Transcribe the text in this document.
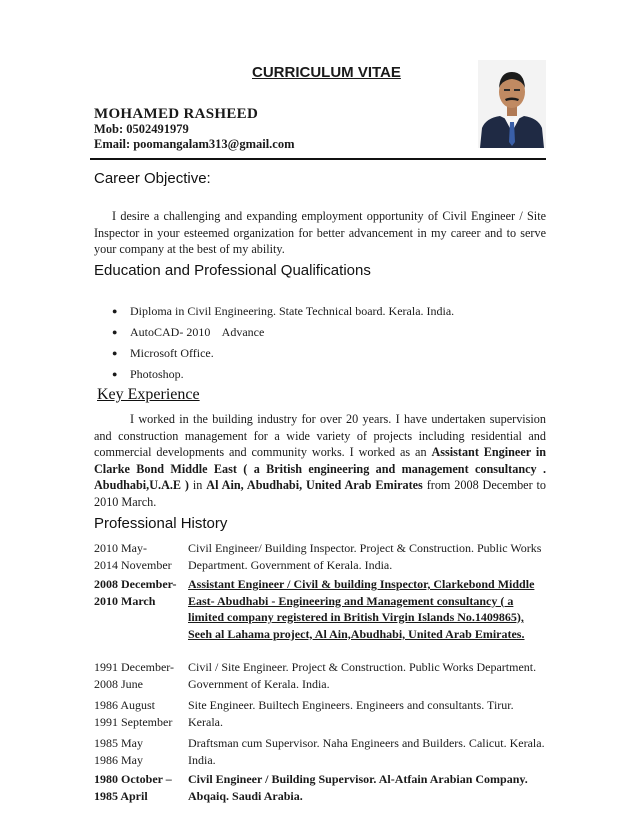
CURRICULUM VITAE
MOHAMED RASHEED
Mob: 0502491979
Email: poomangalam313@gmail.com
Career Objective:
I desire a challenging and expanding employment opportunity of Civil Engineer / Site Inspector in your esteemed organization for better advancement in my career and to serve your company at the best of my ability.
Education and Professional Qualifications
●	Diploma in Civil Engineering. State Technical board. Kerala. India.
●	AutoCAD- 2010    Advance
●	Microsoft Office.
●	Photoshop.
Key Experience
I worked in the building industry for over 20 years. I have undertaken supervision and construction management for a wide variety of projects including residential and commercial developments and community works. I worked as an Assistant Engineer in Clarke Bond Middle East ( a British engineering and management consultancy . Abudhabi,U.A.E ) in Al Ain, Abudhabi, United Arab Emirates from 2008 December to 2010 March.
Professional History
2010 May-
2014 November
Civil Engineer/ Building Inspector. Project & Construction. Public Works Department. Government of Kerala. India.
2008 December-
2010 March
Assistant Engineer / Civil & building Inspector, Clarkebond Middle East- Abudhabi - Engineering and Management consultancy ( a limited company registered in British Virgin Islands No.1409865), Seeh al Lahama project, Al Ain,Abudhabi, United Arab Emirates.
1991 December-
2008 June
Civil / Site Engineer. Project & Construction. Public Works Department. Government of Kerala. India.
1986 August
1991 September
Site Engineer. Builtech Engineers. Engineers and consultants. Tirur. Kerala.
1985 May
1986 May
Draftsman cum Supervisor. Naha Engineers and Builders. Calicut. Kerala. India.
1980 October –
1985 April
Civil Engineer / Building Supervisor. Al-Atfain Arabian Company. Abqaiq. Saudi Arabia.
